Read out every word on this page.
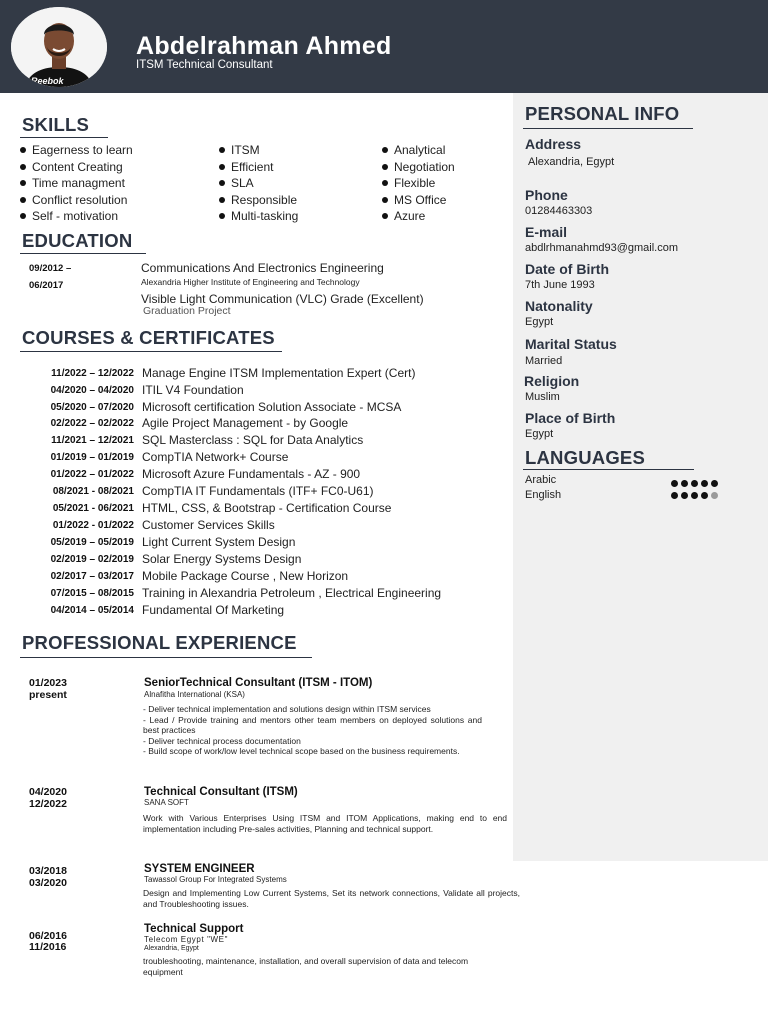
Reebok
Abdelrahman Ahmed
ITSM Technical Consultant
SKILLS
Eagerness to learn
Content Creating
Time managment
Conflict resolution
Self - motivation
ITSM
Efficient
SLA
Responsible
Multi-tasking
Analytical
Negotiation
Flexible
MS Office
Azure
EDUCATION
09/2012 –
06/2017
Communications And Electronics Engineering
Alexandria Higher Institute of Engineering and Technology
Visible Light Communication (VLC) Grade (Excellent)
Graduation Project
COURSES & CERTIFICATES
11/2022 – 12/2022 Manage Engine ITSM Implementation Expert (Cert)
04/2020 – 04/2020 ITIL V4 Foundation
05/2020 – 07/2020 Microsoft certification Solution Associate - MCSA
02/2022 – 02/2022 Agile Project Management - by Google
11/2021 – 12/2021 SQL Masterclass : SQL for Data Analytics
01/2019 – 01/2019 CompTIA Network+ Course
01/2022 – 01/2022 Microsoft Azure Fundamentals - AZ - 900
08/2021 - 08/2021 CompTIA IT Fundamentals (ITF+ FC0-U61)
05/2021 - 06/2021 HTML, CSS, & Bootstrap - Certification Course
01/2022 - 01/2022 Customer Services Skills
05/2019 – 05/2019 Light Current System Design
02/2019 – 02/2019 Solar Energy Systems Design
02/2017 – 03/2017 Mobile Package Course , New Horizon
07/2015 – 08/2015 Training in Alexandria Petroleum , Electrical Engineering
04/2014 – 05/2014 Fundamental Of Marketing
PROFESSIONAL EXPERIENCE
01/2023
present
SeniorTechnical Consultant (ITSM - ITOM)
Alnafitha International (KSA)
- Deliver technical implementation and solutions design within ITSM services
- Lead / Provide training and mentors other team members on deployed solutions and best practices
- Deliver technical process documentation
- Build scope of work/low level technical scope based on the business requirements.
04/2020
12/2022
Technical Consultant (ITSM)
SANA SOFT
Work with Various Enterprises Using ITSM and ITOM Applications, making end to end implementation including Pre-sales activities, Planning and technical support.
03/2018
03/2020
SYSTEM ENGINEER
Tawassol Group For Integrated Systems
Design and Implementing Low Current Systems, Set its network connections, Validate all projects, and Troubleshooting issues.
06/2016
11/2016
Technical Support
Telecom Egypt "WE"
Alexandria, Egypt
troubleshooting, maintenance, installation, and overall supervision of data and telecom equipment
PERSONAL INFO
Address
Alexandria, Egypt
Phone
01284463303
E-mail
abdlrhmanahmd93@gmail.com
Date of Birth
7th June 1993
Natonality
Egypt
Marital Status
Married
Religion
Muslim
Place of Birth
Egypt
LANGUAGES
Arabic
English
